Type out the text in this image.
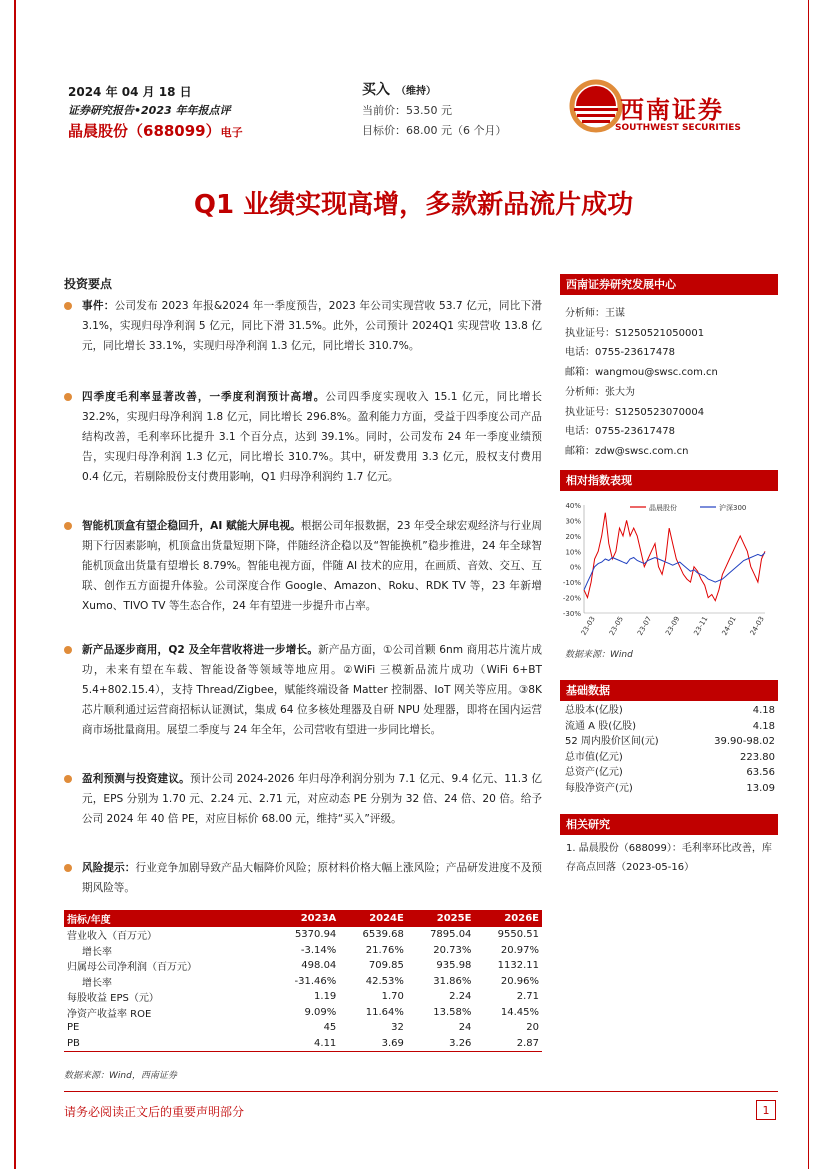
2024 年 04 月 18 日
证券研究报告•2023 年年报点评
晶晨股份（688099）电子
买入 （维持）
当前价：53.50 元
目标价：68.00 元（6 个月）
西南证券
SOUTHWEST SECURITIES
Q1 业绩实现高增，多款新品流片成功
投资要点
事件：公司发布 2023 年报&2024 年一季度预告，2023 年公司实现营收 53.7 亿元，同比下滑 3.1%，实现归母净利润 5 亿元，同比下滑 31.5%。此外，公司预计 2024Q1 实现营收 13.8 亿元，同比增长 33.1%，实现归母净利润 1.3 亿元，同比增长 310.7%。
四季度毛利率显著改善，一季度利润预计高增。公司四季度实现收入 15.1 亿元，同比增长 32.2%，实现归母净利润 1.8 亿元，同比增长 296.8%。盈利能力方面，受益于四季度公司产品结构改善，毛利率环比提升 3.1 个百分点，达到 39.1%。同时，公司发布 24 年一季度业绩预告，实现归母净利润 1.3 亿元，同比增长 310.7%。其中，研发费用 3.3 亿元，股权支付费用 0.4 亿元，若剔除股份支付费用影响，Q1 归母净利润约 1.7 亿元。
智能机顶盒有望企稳回升，AI 赋能大屏电视。根据公司年报数据，23 年受全球宏观经济与行业周期下行因素影响，机顶盒出货量短期下降，伴随经济企稳以及“智能换机”稳步推进，24 年全球智能机顶盒出货量有望增长 8.79%。智能电视方面，伴随 AI 技术的应用，在画质、音效、交互、互联、创作五方面提升体验。公司深度合作 Google、Amazon、Roku、RDK TV 等，23 年新增 Xumo、TIVO TV 等生态合作，24 年有望进一步提升市占率。
新产品逐步商用，Q2 及全年营收将进一步增长。新产品方面，①公司首颗 6nm 商用芯片流片成功，未来有望在车载、智能设备等领域等地应用。②WiFi 三模新品流片成功（WiFi 6+BT 5.4+802.15.4），支持 Thread/Zigbee，赋能终端设备 Matter 控制器、IoT 网关等应用。③8K 芯片顺利通过运营商招标认证测试，集成 64 位多核处理器及自研 NPU 处理器，即将在国内运营商市场批量商用。展望二季度与 24 年全年，公司营收有望进一步同比增长。
盈利预测与投资建议。预计公司 2024-2026 年归母净利润分别为 7.1 亿元、9.4 亿元、11.3 亿元，EPS 分别为 1.70 元、2.24 元、2.71 元，对应动态 PE 分别为 32 倍、24 倍、20 倍。给予公司 2024 年 40 倍 PE，对应目标价 68.00 元，维持“买入”评级。
风险提示：行业竞争加剧导致产品大幅降价风险；原材料价格大幅上涨风险；产品研发进度不及预期风险等。
西南证券研究发展中心
分析师：王谋
执业证号：S1250521050001
电话：0755-23617478
邮箱：wangmou@swsc.com.cn
分析师：张大为
执业证号：S1250523070004
电话：0755-23617478
邮箱：zdw@swsc.com.cn
相对指数表现
40%
30%
20%
10%
0%
-10%
-20%
-30%
23-03 23-05 23-07 23-09 23-11 24-01 24-03
晶晨股份	沪深300
数据来源：Wind
基础数据
总股本(亿股)	4.18
流通 A 股(亿股)	4.18
52 周内股价区间(元)	39.90-98.02
总市值(亿元)	223.80
总资产(亿元)	63.56
每股净资产(元)	13.09
相关研究
1. 晶晨股份（688099）：毛利率环比改善，库存高点回落（2023-05-16）
指标/年度	2023A	2024E	2025E	2026E
营业收入（百万元）	5370.94	6539.68	7895.04	9550.51
增长率	-3.14%	21.76%	20.73%	20.97%
归属母公司净利润（百万元）	498.04	709.85	935.98	1132.11
增长率	-31.46%	42.53%	31.86%	20.96%
每股收益 EPS（元）	1.19	1.70	2.24	2.71
净资产收益率 ROE	9.09%	11.64%	13.58%	14.45%
PE	45	32	24	20
PB	4.11	3.69	3.26	2.87
数据来源：Wind，西南证券
请务必阅读正文后的重要声明部分	1
